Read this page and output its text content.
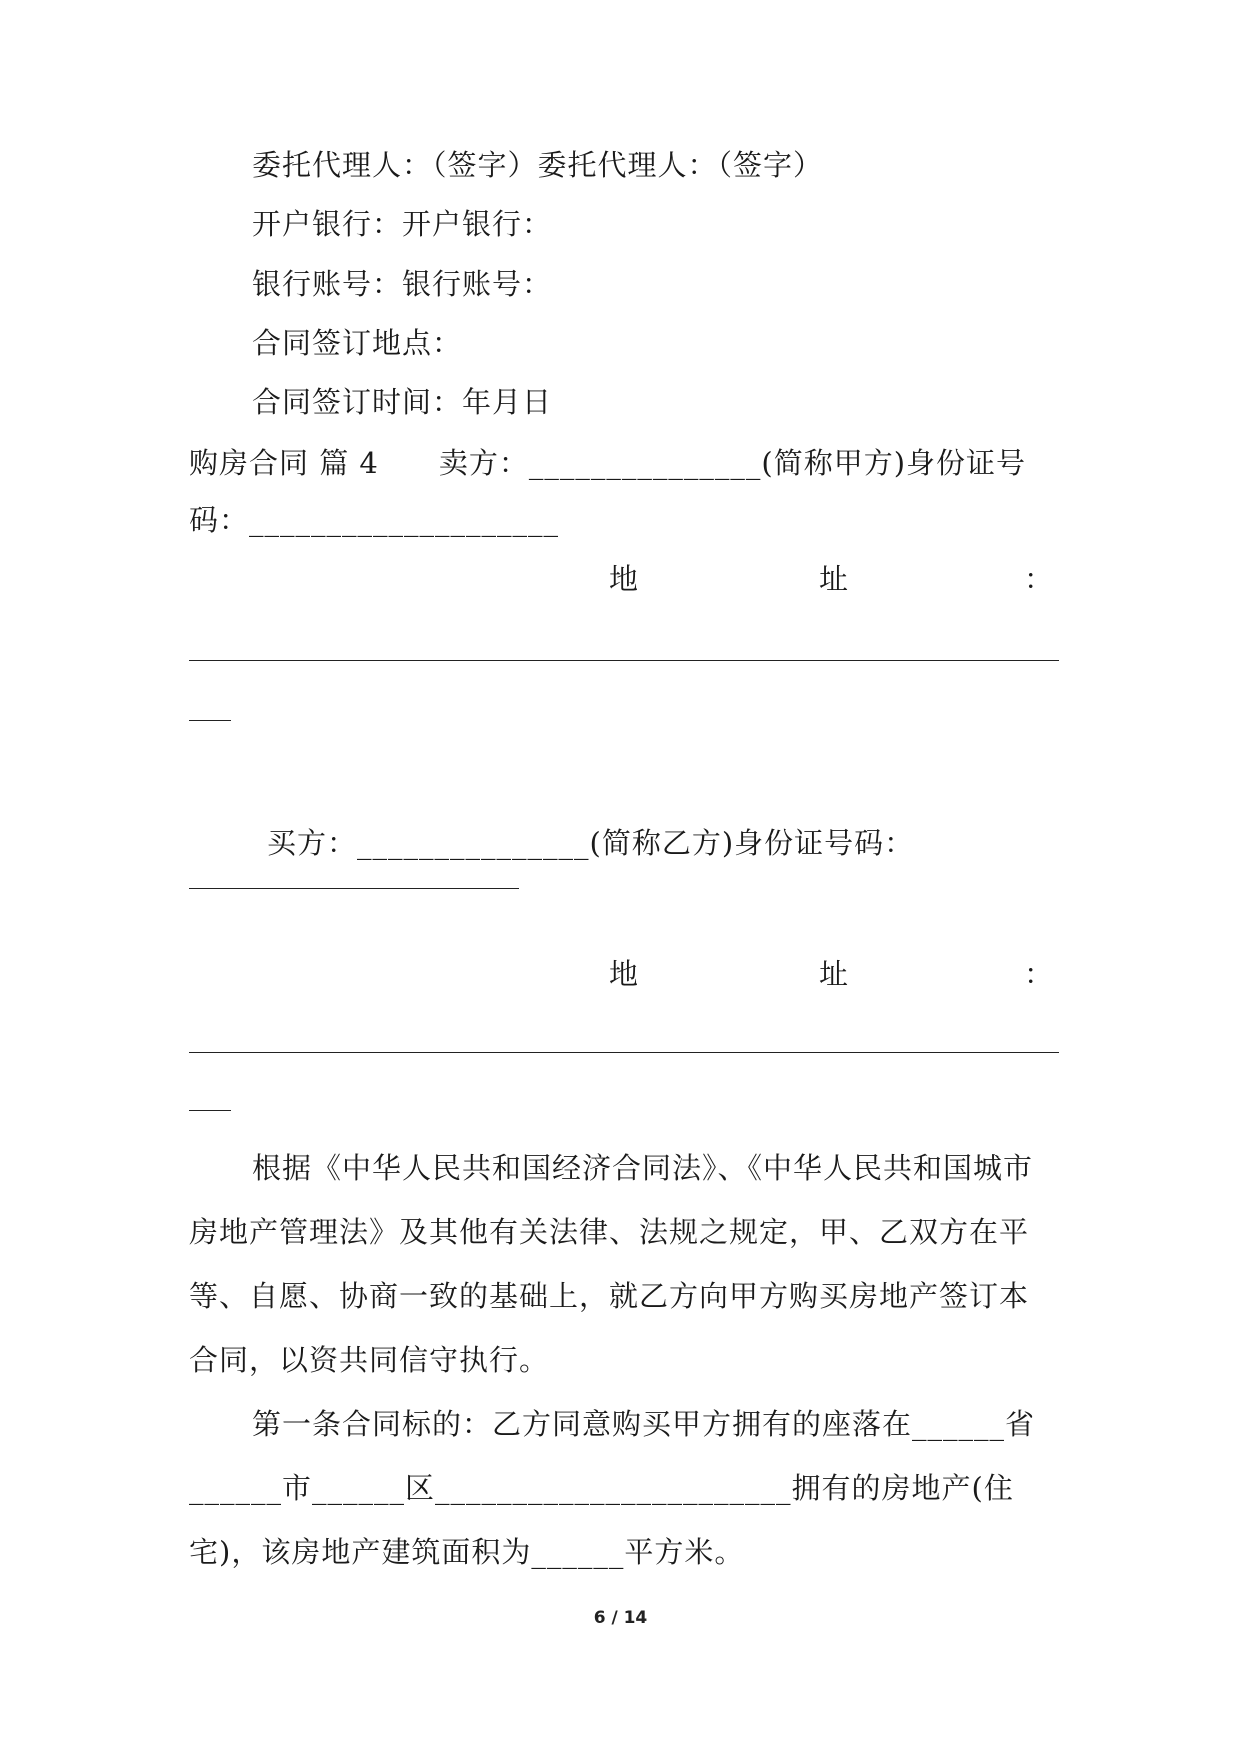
委托代理人：（签字）委托代理人：（签字）
开户银行：开户银行：
银行账号：银行账号：
合同签订地点：
合同签订时间：年月日
购房合同 篇 4　　卖方：_______________(简称甲方)身份证号
码：____________________
地	址	：
买方：_______________(简称乙方)身份证号码：
地	址	：
根据《中华人民共和国经济合同法》、《中华人民共和国城市
房地产管理法》及其他有关法律、法规之规定，甲、乙双方在平
等、自愿、协商一致的基础上，就乙方向甲方购买房地产签订本
合同，以资共同信守执行。
第一条合同标的：乙方同意购买甲方拥有的座落在______省
______市______区_______________________拥有的房地产(住
宅)，该房地产建筑面积为______平方米。
6 / 14
